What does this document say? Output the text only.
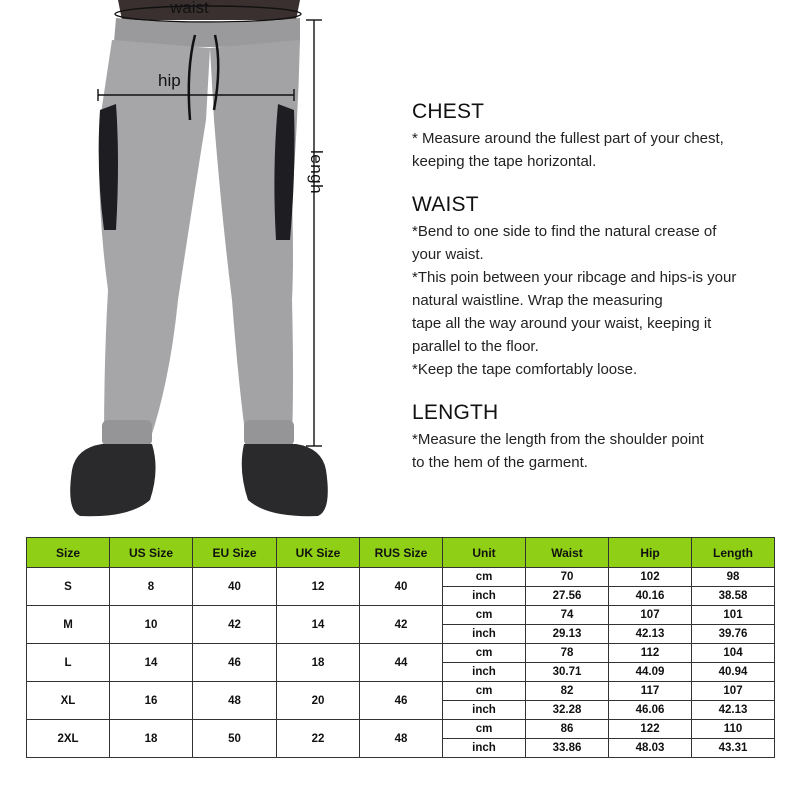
waist
hip
lengh
CHEST

* Measure around the fullest part of your chest,

keeping the tape horizontal.

WAIST

*Bend to one side to find the natural crease of

your waist.

*This poin between your ribcage and hips-is your

natural waistline. Wrap the measuring

tape all the way around your waist, keeping it

parallel to the floor.

*Keep the tape comfortably loose.

LENGTH

*Measure the length from the shoulder point

to the hem of the garment.

Size	US Size	EU Size	UK Size	RUS Size	Unit	Waist	Hip	Length
S	8	40	12	40	cm	70	102	98
					inch	27.56	40.16	38.58
M	10	42	14	42	cm	74	107	101
					inch	29.13	42.13	39.76
L	14	46	18	44	cm	78	112	104
					inch	30.71	44.09	40.94
XL	16	48	20	46	cm	82	117	107
					inch	32.28	46.06	42.13
2XL	18	50	22	48	cm	86	122	110
					inch	33.86	48.03	43.31
